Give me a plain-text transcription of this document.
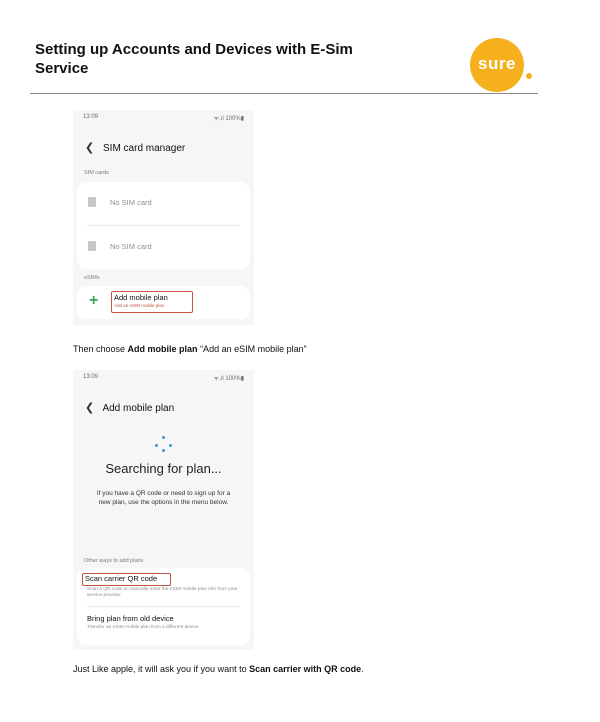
Setting up Accounts and Devices with E-Sim
Service	sure
13:09	ᯤ.ıl 100%▮
❮ SIM card manager
SIM cards
No SIM card
No SIM card
eSIMs
+ Add mobile plan
Add an eSIM mobile plan
Then choose Add mobile plan “Add an eSIM mobile plan”
13:09	ᯤ.ıl 100%▮
❮ Add mobile plan
Searching for plan...
If you have a QR code or need to sign up for a new plan, use the options in the menu below.
Other ways to add plans
Scan carrier QR code
Scan a QR code or manually enter the eSIM mobile plan info from your service provider.
Bring plan from old device
Transfer an eSIM mobile plan from a different device.
Just Like apple, it will ask you if you want to Scan carrier with QR code.
